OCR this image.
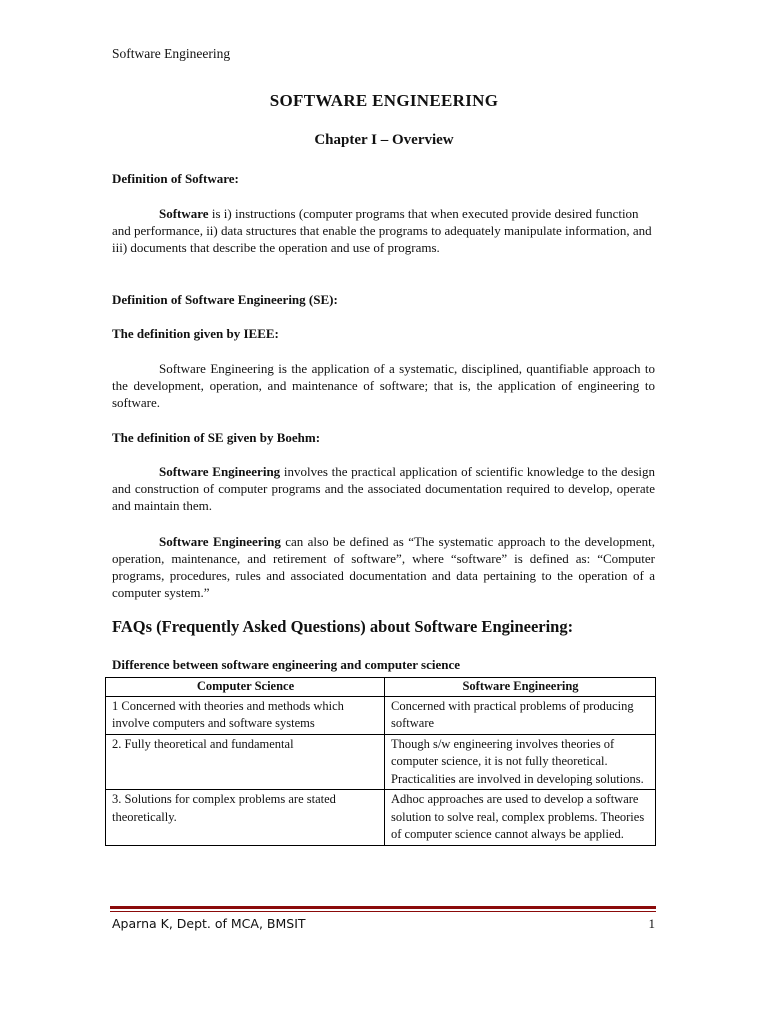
Software Engineering
SOFTWARE ENGINEERING
Chapter I – Overview
Definition of Software:

Software is i) instructions (computer programs that when executed provide desired function and performance, ii) data structures that enable the programs to adequately manipulate information, and iii) documents that describe the operation and use of programs.

Definition of Software Engineering (SE):
The definition given by IEEE:

Software Engineering is the application of a systematic, disciplined, quantifiable approach to the development, operation, and maintenance of software; that is, the application of engineering to software.

The definition of SE given by Boehm:

Software Engineering involves the practical application of scientific knowledge to the design and construction of computer programs and the associated documentation required to develop, operate and maintain them.

Software Engineering can also be defined as “The systematic approach to the development, operation, maintenance, and retirement of software”, where “software” is defined as: “Computer programs, procedures, rules and associated documentation and data pertaining to the operation of a computer system.”

FAQs (Frequently Asked Questions) about Software Engineering:
Difference between software engineering and computer science
Computer Science	Software Engineering
1 Concerned with theories and methods which involve computers and software systems	Concerned with practical problems of producing software
2. Fully theoretical and fundamental	Though s/w engineering involves theories of computer science, it is not fully theoretical. Practicalities are involved in developing solutions.
3. Solutions for complex problems are stated theoretically.	Adhoc approaches are used to develop a software solution to solve real, complex problems. Theories of computer science cannot always be applied.
Aparna K, Dept. of MCA, BMSIT	1
